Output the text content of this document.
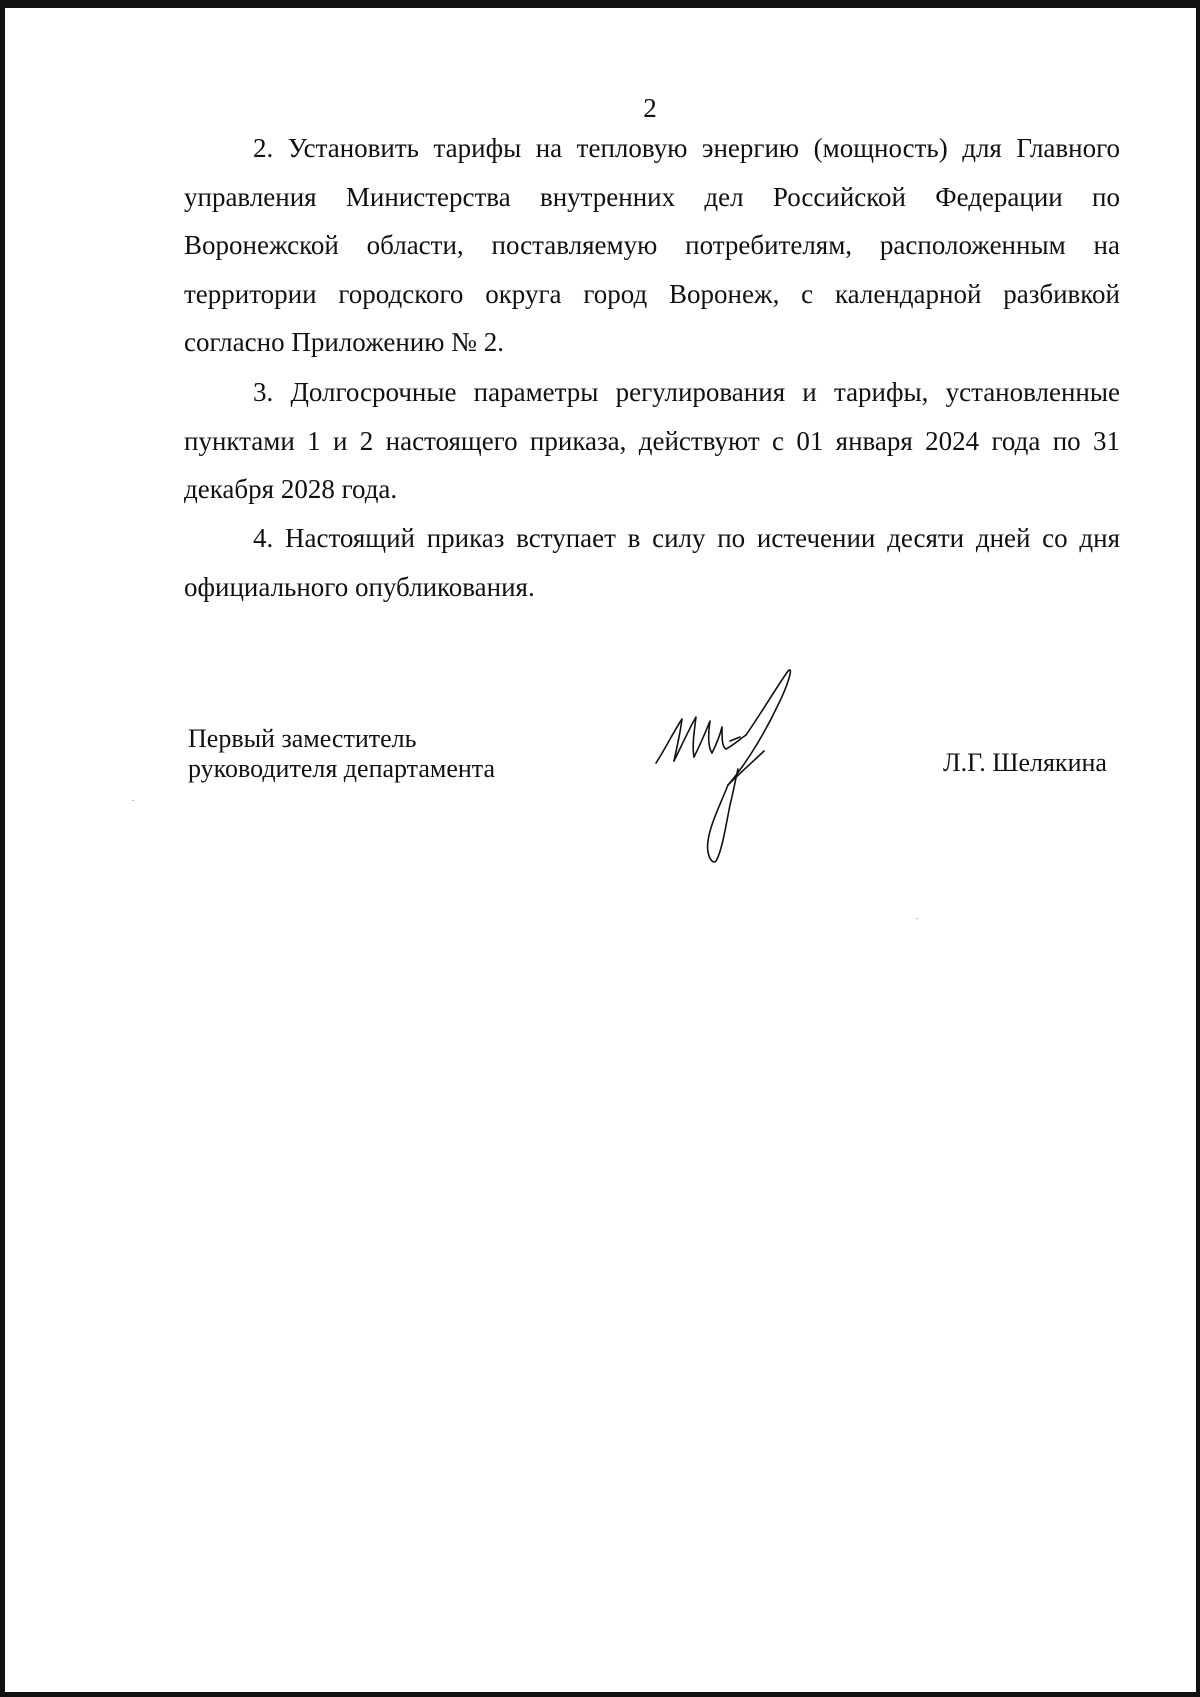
2

2. Установить тарифы на тепловую энергию (мощность) для Главного управления Министерства внутренних дел Российской Федерации по Воронежской области, поставляемую потребителям, расположенным на территории городского округа город Воронеж, с календарной разбивкой согласно Приложению № 2.

3. Долгосрочные параметры регулирования и тарифы, установленные пунктами 1 и 2 настоящего приказа, действуют с 01 января 2024 года по 31 декабря 2028 года.

4. Настоящий приказ вступает в силу по истечении десяти дней со дня официального опубликования.

Первый заместитель
руководителя департамента	Л.Г. Шелякина
